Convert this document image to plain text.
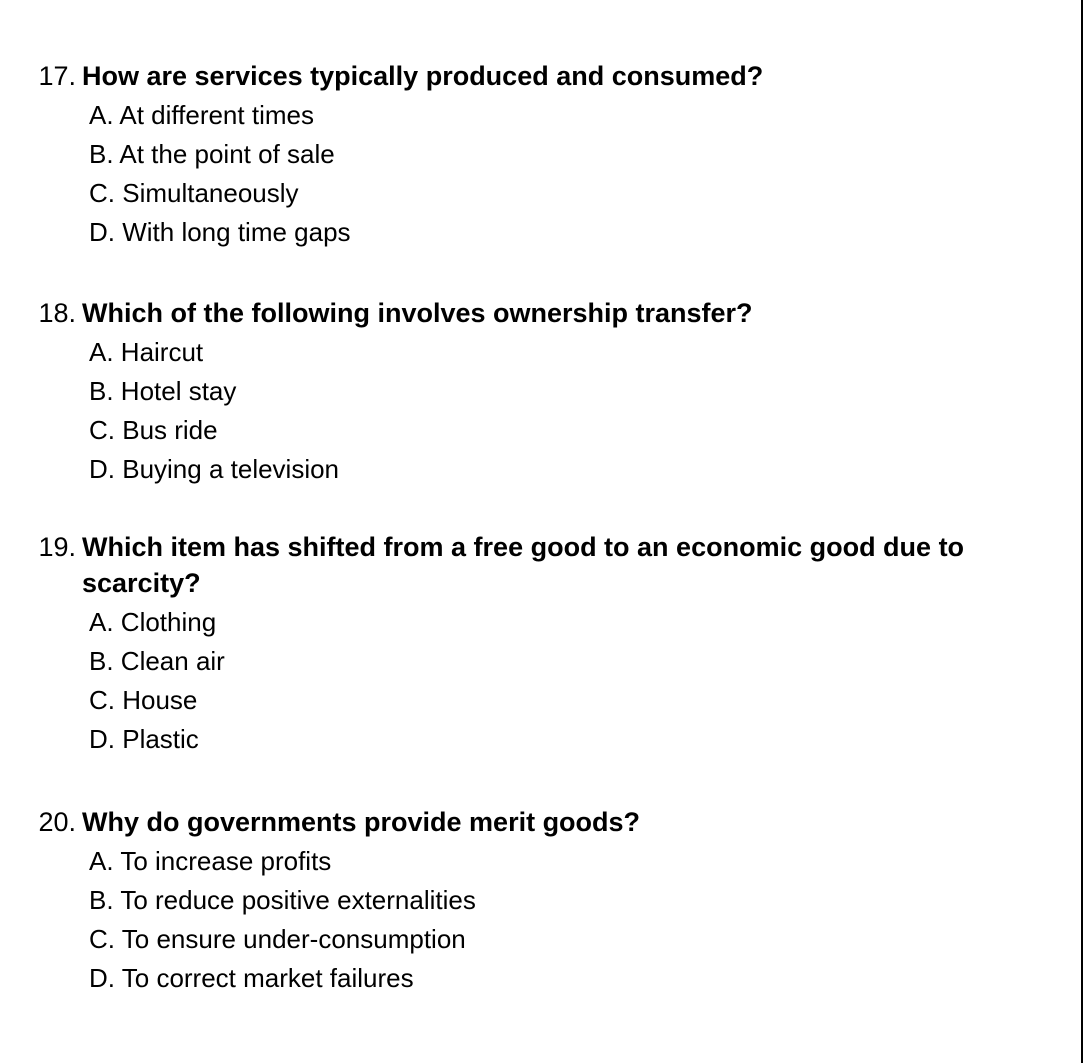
17. How are services typically produced and consumed?
A. At different times
B. At the point of sale
C. Simultaneously
D. With long time gaps
18. Which of the following involves ownership transfer?
A. Haircut
B. Hotel stay
C. Bus ride
D. Buying a television
19. Which item has shifted from a free good to an economic good due to scarcity?
A. Clothing
B. Clean air
C. House
D. Plastic
20. Why do governments provide merit goods?
A. To increase profits
B. To reduce positive externalities
C. To ensure under-consumption
D. To correct market failures
